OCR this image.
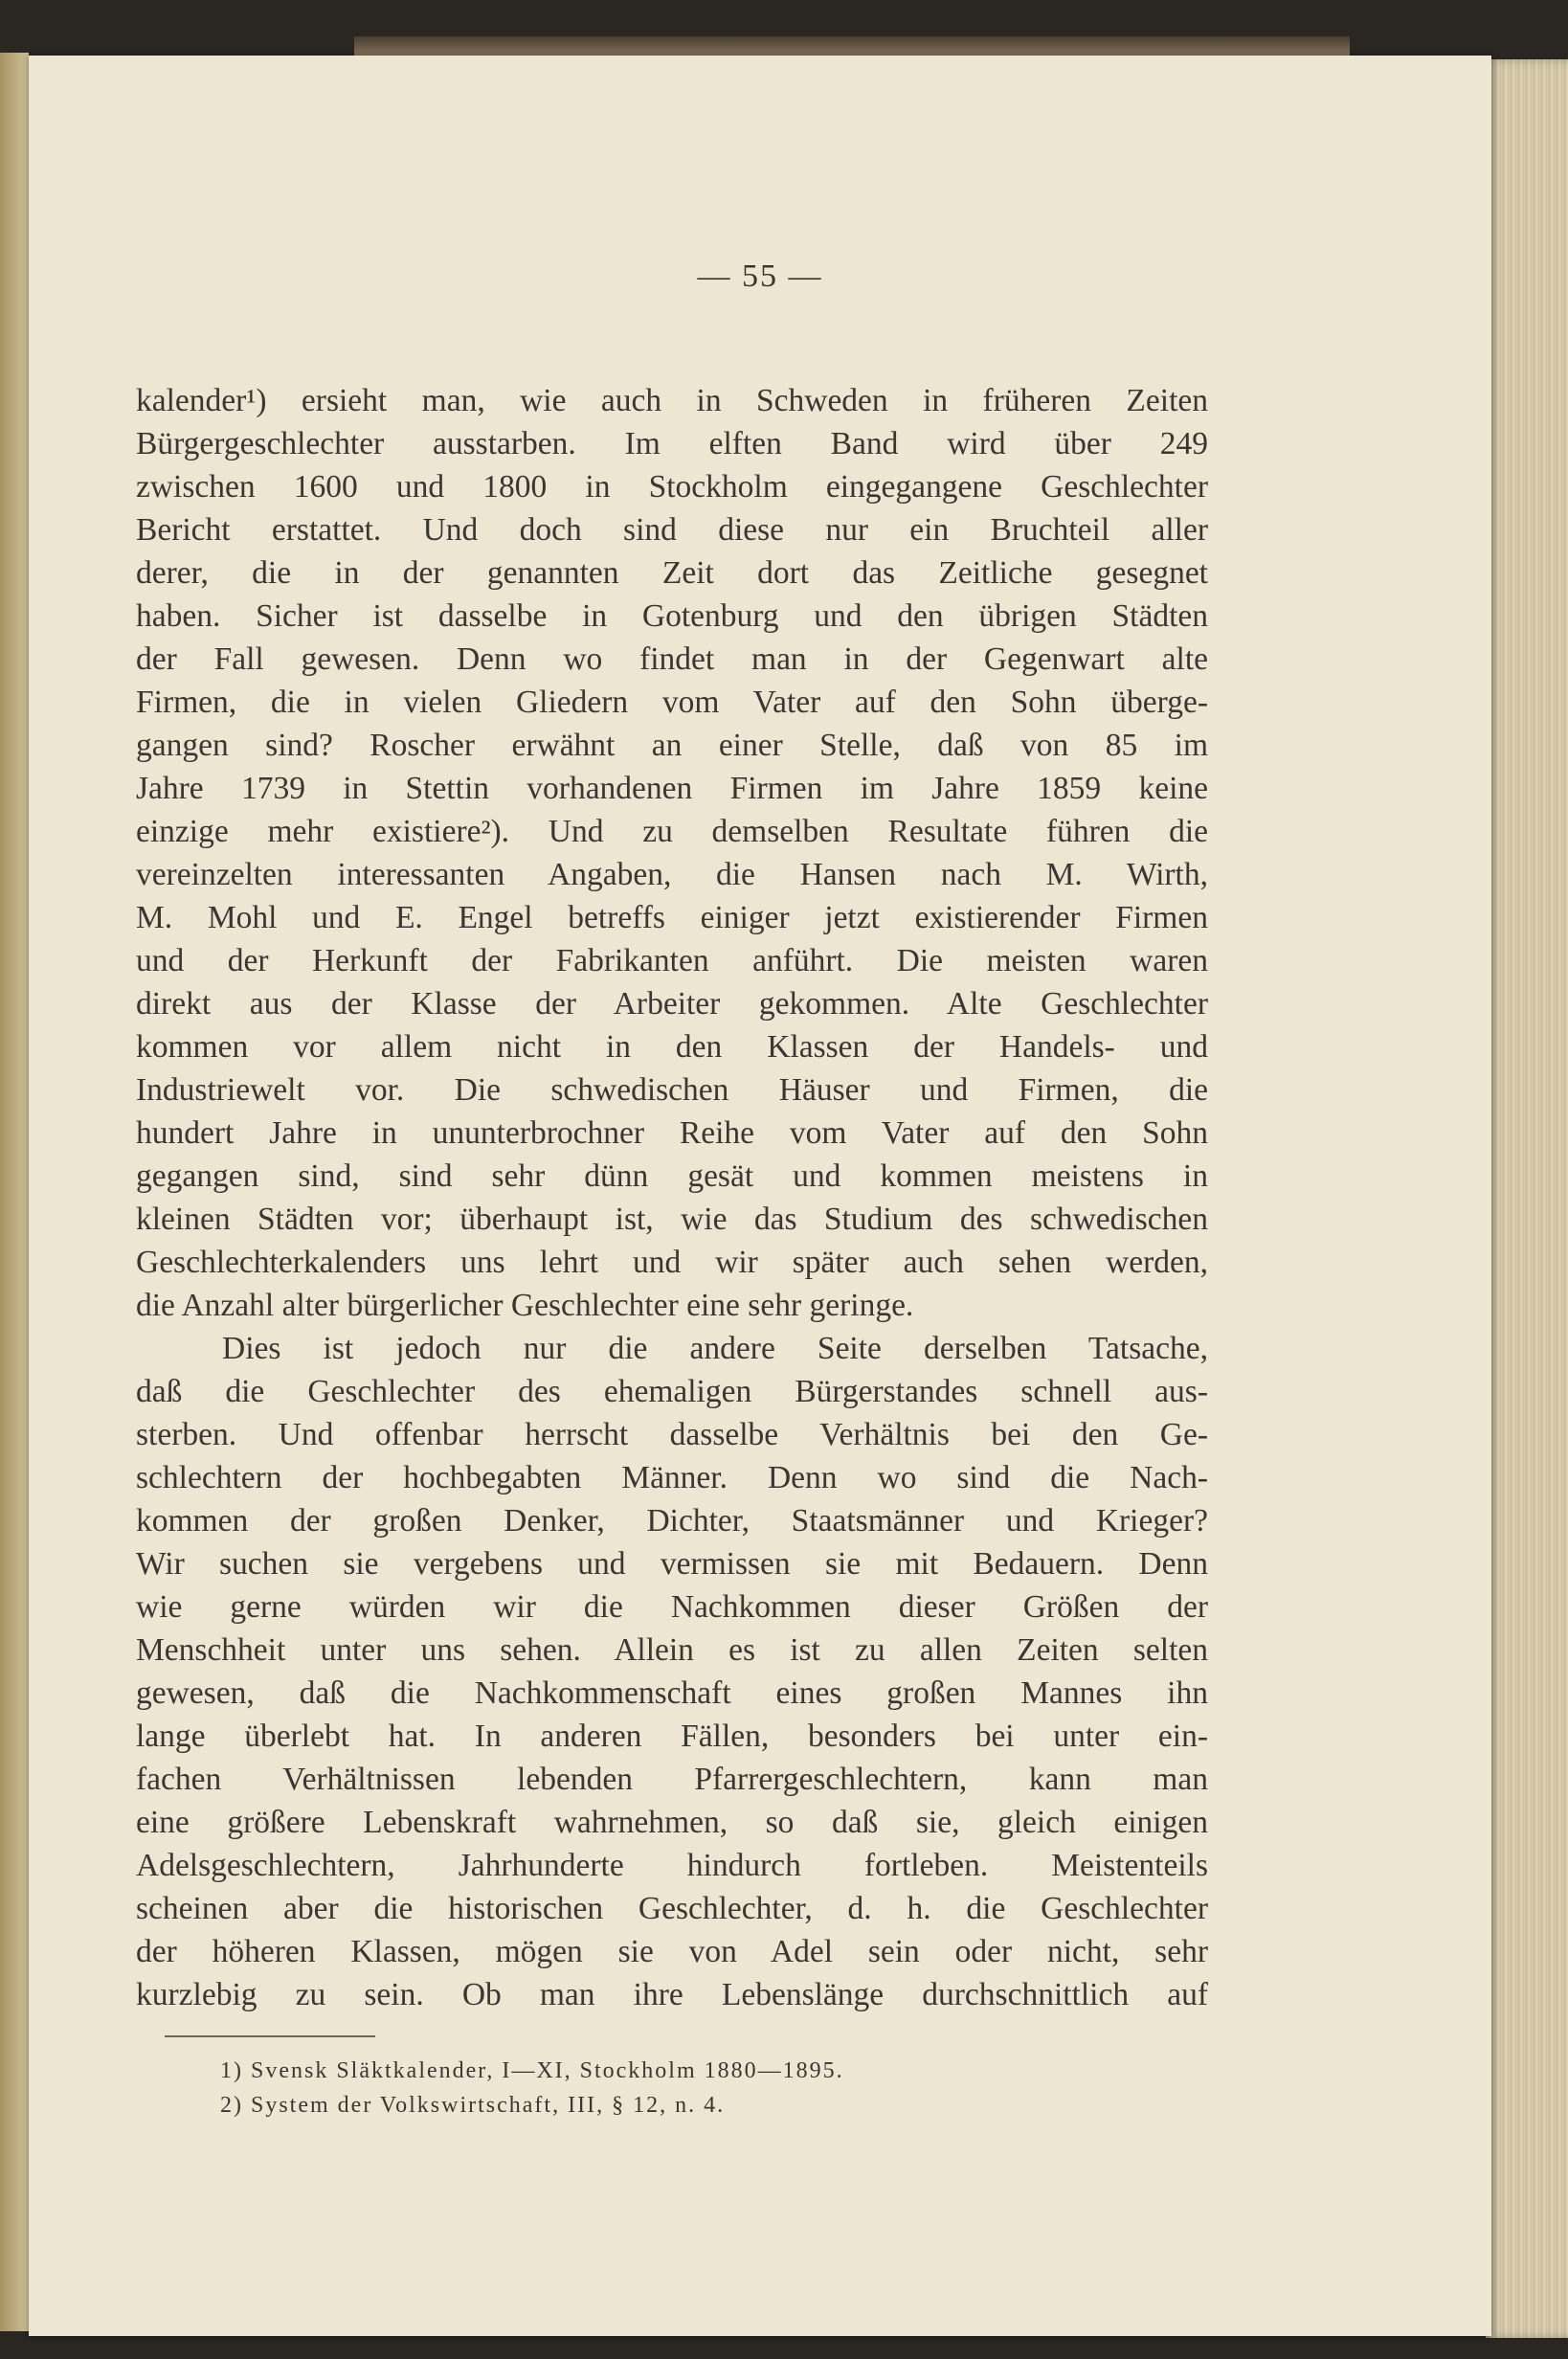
— 55 —
kalender¹) ersieht man, wie auch in Schweden in früheren Zeiten
Bürgergeschlechter ausstarben. Im elften Band wird über 249
zwischen 1600 und 1800 in Stockholm eingegangene Geschlechter
Bericht erstattet. Und doch sind diese nur ein Bruchteil aller
derer, die in der genannten Zeit dort das Zeitliche gesegnet
haben. Sicher ist dasselbe in Gotenburg und den übrigen Städten
der Fall gewesen. Denn wo findet man in der Gegenwart alte
Firmen, die in vielen Gliedern vom Vater auf den Sohn überge-
gangen sind? Roscher erwähnt an einer Stelle, daß von 85 im
Jahre 1739 in Stettin vorhandenen Firmen im Jahre 1859 keine
einzige mehr existiere²). Und zu demselben Resultate führen die
vereinzelten interessanten Angaben, die Hansen nach M. Wirth,
M. Mohl und E. Engel betreffs einiger jetzt existierender Firmen
und der Herkunft der Fabrikanten anführt. Die meisten waren
direkt aus der Klasse der Arbeiter gekommen. Alte Geschlechter
kommen vor allem nicht in den Klassen der Handels- und
Industriewelt vor. Die schwedischen Häuser und Firmen, die
hundert Jahre in ununterbrochner Reihe vom Vater auf den Sohn
gegangen sind, sind sehr dünn gesät und kommen meistens in
kleinen Städten vor; überhaupt ist, wie das Studium des schwedischen
Geschlechterkalenders uns lehrt und wir später auch sehen werden,
die Anzahl alter bürgerlicher Geschlechter eine sehr geringe.
Dies ist jedoch nur die andere Seite derselben Tatsache,
daß die Geschlechter des ehemaligen Bürgerstandes schnell aus-
sterben. Und offenbar herrscht dasselbe Verhältnis bei den Ge-
schlechtern der hochbegabten Männer. Denn wo sind die Nach-
kommen der großen Denker, Dichter, Staatsmänner und Krieger?
Wir suchen sie vergebens und vermissen sie mit Bedauern. Denn
wie gerne würden wir die Nachkommen dieser Größen der
Menschheit unter uns sehen. Allein es ist zu allen Zeiten selten
gewesen, daß die Nachkommenschaft eines großen Mannes ihn
lange überlebt hat. In anderen Fällen, besonders bei unter ein-
fachen Verhältnissen lebenden Pfarrergeschlechtern, kann man
eine größere Lebenskraft wahrnehmen, so daß sie, gleich einigen
Adelsgeschlechtern, Jahrhunderte hindurch fortleben. Meistenteils
scheinen aber die historischen Geschlechter, d. h. die Geschlechter
der höheren Klassen, mögen sie von Adel sein oder nicht, sehr
kurzlebig zu sein. Ob man ihre Lebenslänge durchschnittlich auf
1) Svensk Släktkalender, I—XI, Stockholm 1880—1895.
2) System der Volkswirtschaft, III, § 12, n. 4.
